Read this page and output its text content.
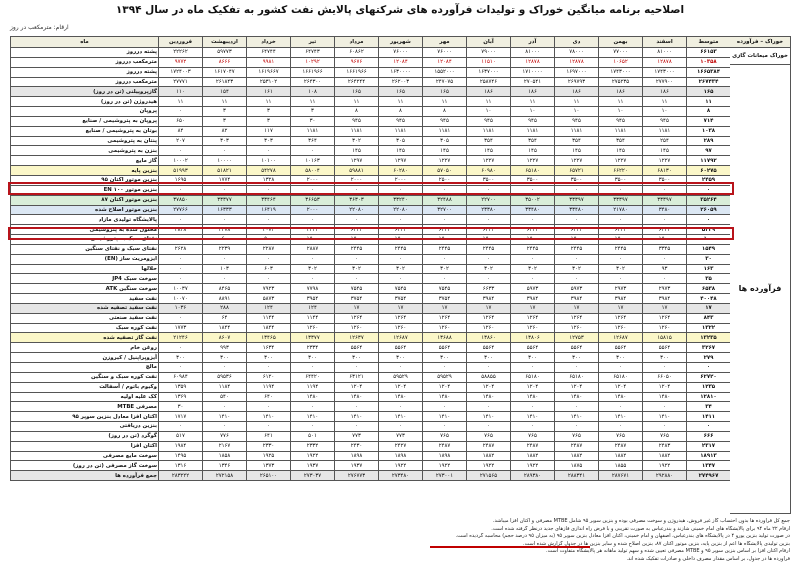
اصلاحیه برنامه میانگین خوراک و تولیدات فرآورده های شرکتهای پالایش نفت کشور به تفکیک ماه در سال ۱۳۹۴
ارقام: مترمکعب در روز
متوسط	اسفند	بهمن	دی	آذر	آبان	مهر	شهریور	مرداد	تیر	خرداد	اردیبهشت	فروردین	ماه
۶۶۱۵۳	۸۱۰۰۰	۷۷۰۰۰	۷۸۰۰۰	۸۱۰۰۰	۷۹۰۰۰	۷۶۰۰۰	۷۶۰۰۰	۶۰۸۶۲	۶۴۷۴۳	۶۴۷۴۴	۵۹۷۷۳	۲۲۲۶۲	پشته درروز
۱۰۳۵۸	۱۲۸۷۸	۱۰۶۵۲	۱۲۸۷۸	۱۲۸۷۸	۱۱۵۱۰	۱۲۰۸۴	۱۲۰۸۴	۹۶۷۶	۱۰۲۹۲	۹۹۸۱	۸۶۶۶	۹۷۷۲	مترمکعب درروز
۱۶۶۵۳۸۴	۱۷۴۳۰۰۰	۱۷۴۳۰۰۰	۱۶۹۷۰۰۰	۱۷۱۰۰۰۰	۱۶۳۷۰۰۰	۱۵۵۲۰۰۰	۱۶۳۰۰۰۰	۱۶۶۱۹۶۶	۱۶۶۱۹۶۶	۱۶۱۹۶۶۷	۱۶۱۷۰۴۷	۱۷۲۴۰۰۳	پشته درروز
۲۶۷۴۳۴	۲۷۷۹۰۰	۲۷۵۲۳۵	۲۶۹۷۹۳	۲۷۰۵۴۱	۲۵۸۷۴۶	۲۴۷۰۷۵	۲۶۲۰۰۳	۲۶۴۲۴۴	۲۶۴۳۰۰	۲۵۳۱۰۲	۲۶۱۸۴۳	۲۷۷۷۱	مترمکعب درروز
۱۶۵	۱۸۶	۱۸۶	۱۸۶	۱۸۶	۱۸۶	۱۶۵	۱۶۵	۱۶۵	۱۰۸	۱۶۱	۱۵۴	۱۱۰	گازپروپیلنی (تن در روز)
۱۱	۱۱	۱۱	۱۱	۱۱	۱۱	۱۱	۱۱	۱۱	۱۱	۱۱	۱۱	۱۱	هیدروژن (تن در روز)
۸	۱۰	۱۰	۱۰	۱۰	۱۰	۸	۸	۸	۳	۳	۳	۰	پروپان
۷۱۴	۹۴۵	۹۴۵	۹۴۵	۹۴۵	۹۴۵	۹۴۵	۹۴۵	۹۴۵	۳۰	۳	۳	۶۵۰	پروپان به پتروشیمی / صنایع
۱۰۳۸	۱۱۸۱	۱۱۸۱	۱۱۸۱	۱۱۸۱	۱۱۸۱	۱۱۸۱	۱۱۸۱	۱۱۸۱	۱۱۸۱	۱۱۷	۸۲	۸۴	بوتان به پتروشیمی / صنایع
۲۸۹	۲۵۴	۳۵۴	۳۵۴	۳۵۴	۳۵۴	۳۰۵	۳۰۵	۳۰۲	۳۶۴	۳۰۳	۳۰۳	۲۰۷	پنتان به پتروشیمی
۹۷	۱۴۵	۱۴۵	۱۴۵	۱۴۵	۱۴۵	۱۴۵	۱۴۵	۱۴۵	۰	۰	۰	۰	بنزن به پتروشیمی
۱۱۷۹۲	۱۲۲۷	۱۲۲۷	۱۲۲۷	۱۲۲۷	۱۲۲۷	۱۲۲۷	۱۲۹۷	۱۲۹۷	۱۰۱۶۳	۱۰۱۰۰	۱۰۰۰۰	۱۰۰۰۲	گاز مایع
۶۰۲۷۵	۶۸۱۳۰	۶۶۲۲۰	۶۵۷۲۱	۶۵۱۸۰	۶۰۹۸۰	۵۷۰۵۰	۶۰۲۸۰	۵۹۸۸۱	۵۸۰۰۴	۵۴۲۷۸	۵۱۸۲۱	۵۱۹۹۳	بنزین پایه
۲۴۵۹	۳۵۰۰	۳۵۰۰	۳۵۰۰	۳۵۰۰	۳۵۰۰	۲۵۰۰	۲۰۰۰	۲۰۰۰	۲۰۰۰	۱۳۲۸	۱۷۷۴	۱۶۹۵	بنزین موتور اکتان ۹۵
۰	۰	۰	۰	۰	۰	۰	۰	۰	۰	۰	۰	۰	بنزین موتور EN ۱۰۰
۳۵۲۶۴	۳۳۳۹۷	۳۳۳۹۷	۳۳۳۹۷	۳۵۰۰۲	۲۲۷۰۰	۳۲۴۸۸	۳۳۲۴۰	۳۶۳۰۳	۳۶۶۵۳	۳۳۴۶۴	۳۳۳۷۷	۳۷۸۵۰	بنزین موتور اکتان ۸۷
۲۶۰۵۹	۳۴۸۰	۲۱۷۸۰	۳۳۴۸۰	۳۳۴۸۰	۲۳۳۸۰	۳۲۷۰۰	۲۲۰۸۰	۲۲۰۸۰	۲۰۰۰	۱۶۴۱۹	۱۶۳۳۳	۲۷۷۶۶	بنزین موتور اصلاح شده
۰	۰	۰	۰	۰	۰	۰	۰	۰	۰	۰	۰	۰	پالایشگاه تولیدی مازاد
۵۲۲۹	۶۴۴۴	۶۴۴۴	۶۴۴۴	۶۴۴۴	۶۴۴۴	۶۴۴۴	۶۴۴۴	۶۴۴۴	۳۳۳۳	۳۰۷۲	۳۳۷۸	۲۸۲۸	محلول شده به پتروشیمی
۱۰۰	۱۵۰۰	۱۵۰۰	۱۵۰۰	۱۵۰۰	۱۵۰۰	۱۵۰۰	۱۵۰۰	۱۵۰۰	۱۵۰۰	۵۰۰	۶۰	۰	نفتای سبک به پتروشیمی
۱۵۴۹	۳۳۴۵	۲۴۴۵	۲۴۴۵	۲۴۴۵	۲۴۴۵	۲۴۴۵	۲۴۴۵	۲۴۴۵	۲۸۸۷	۲۲۸۷	۲۲۳۹	۲۶۲۸	نفتای سبک و نفتای سنگین
۳۰	۰	۰	۰	۰	۰	۰	۰	۰	۰	۰	۰	۰	ایزومریت ساز (EN)
۱۶۳	۹۳	۳۰۲	۳۰۲	۳۰۲	۳۰۲	۳۰۲	۳۰۲	۳۰۲	۳۰۲	۶۰۳	۱۰۳	۰	حلالها
۳۵	۰	۰	۰	۰	۰	۰	۰	۰	۰	۰	۰	۰	سوخت سبک JP4
۶۵۳۸	۲۹۷۳	۲۹۷۳	۵۹۷۳	۵۹۷۳	۶۶۳۳	۷۵۴۵	۷۵۴۵	۷۵۴۵	۷۷۹۸	۷۹۲۳	۸۴۶۵	۱۰۰۳۷	سوخت سنگین ATK
۴۰۰۴۸	۳۹۸۴	۳۹۸۴	۳۹۸۴	۳۹۸۴	۳۹۸۴	۳۷۵۴	۳۷۵۴	۳۷۵۴	۳۹۵۴	۵۸۷۳	۸۸۹۱	۱۰۰۷۰	نفت سفید
۱۷	۱۷	۱۷	۱۷	۱۷	۱۷	۱۷	۱۷	۱۷	۱۲۴	۱۲۴	۲۸۸	۱۰۳۶	نفت سفید تصفیه شده
۸۴۳	۱۲۶۴	۱۲۶۴	۱۲۶۴	۱۲۶۴	۱۲۶۴	۱۲۶۴	۱۲۶۴	۱۲۶۴	۱۱۴۴	۱۱۴۴	۶۴	۰	نفت سفید صنعتی
۱۳۲۲	۱۲۶۰	۱۲۶۰	۱۲۶۰	۱۲۶۰	۱۲۶۰	۱۲۶۰	۱۲۶۰	۱۲۶۰	۱۲۶۰	۱۸۴۴	۱۸۴۴	۱۷۷۳	نفت کوره سبک
۱۳۲۳۵	۱۵۸۱۵	۱۲۶۸۷	۱۲۷۵۳	۱۳۸۰۶	۱۳۸۶۰	۱۳۶۸۸	۱۲۶۸۷	۱۲۶۳۷	۱۳۳۷۷	۱۳۴۶۵	۸۶۰۷	۲۱۲۴۶	نفت گاز تصفیه شده
۳۲۶۷	۵۵۶۴	۵۵۶۴	۵۵۶۴	۵۵۶۴	۵۵۶۴	۵۵۶۴	۵۵۶۴	۵۵۶۴	۲۳۳۴	۱۶۳۴	۹۹۳	۰	روغن خام
۲۷۹	۳۰۰	۳۰۰	۳۰۰	۳۰۰	۳۰۰	۳۰۰	۳۰۰	۳۰۰	۳۰۰	۳۰۰	۳۰۰	۳۰۰	آیزوپراپنیل / کیروزن
۰	۰	۰	۰	۰	۰	۰	۰	۰	۰	۰	۰	۰	مالچ
۶۲۷۲۰	۶۶۰۵۰	۶۵۱۸۰	۶۵۱۸۰	۶۵۱۸۰	۵۸۸۵۵	۵۹۵۲۹	۵۹۵۲۹	۶۳۱۲۱	۶۴۴۲۰	۶۱۲۰	۵۹۵۳۶	۶۰۹۸۴	نفت کوره سبک و سنگین
۱۲۳۵	۱۲۰۴	۱۲۰۴	۱۲۰۴	۱۲۰۴	۱۲۰۴	۱۲۰۴	۱۲۰۴	۱۲۰۴	۱۱۹۴	۱۱۹۴	۱۱۸۴	۱۳۵۹	وکیوم باتوم / آسفالت
۱۲۸۱۰	۱۴۸۰	۱۴۸۰	۱۴۸۰	۱۴۸۰	۱۴۸۰	۱۴۸۰	۱۴۸۰	۱۴۸۰	۱۴۸۰	۶۴۰	۵۴۰	۱۳۶۹	کک علیه اولیه
۳۴	۰	۰	۰	۰	۰	۰	۰	۰	۰	۰	۰	۳۰	مصرفی MTBE
۱۴۱۱	۱۴۱۰	۱۴۱۰	۱۴۱۰	۱۴۱۰	۱۴۱۰	۱۴۱۰	۱۴۱۰	۱۴۱۰	۱۴۱۰	۱۴۱۰	۱۴۱۰	۱۷۱۷	اکتان افزا معادل بنزین سوپر ۹۵
۰	۰	۰	۰	۰	۰	۰	۰	۰	۰	۰	۰	۰	بنزین دریافتی
۶۶۶	۷۶۵	۷۶۵	۷۶۵	۷۶۵	۷۶۵	۷۶۵	۷۷۳	۷۷۳	۵۰۱	۶۴۱	۷۷۶	۵۱۷	گوگرد (تن در روز)
۲۳۱۷	۲۴۸۳	۲۴۸۷	۲۴۸۷	۲۴۸۷	۲۴۸۷	۲۴۸۷	۲۴۲۷	۲۴۳۰	۲۳۳۲	۲۳۳۰	۲۱۶۷	۱۹۸۴	اکتان افزا
۱۸۹۱۳	۱۸۸۲	۱۸۸۲	۱۸۸۲	۱۸۸۲	۱۸۸۲	۱۸۹۸	۱۸۹۸	۱۸۹۸	۱۹۲۲	۱۹۲۵	۱۸۵۸	۱۴۹۵	سوخت مایع مصرفی
۱۳۴۷	۱۹۲۲	۱۸۵۵	۱۸۷۵	۱۹۲۲	۱۹۲۲	۱۹۲۲	۱۹۲۲	۱۹۳۷	۱۹۳۷	۱۳۷۳	۱۳۴۶	۱۳۱۶	سوخت گاز مصرفی (تن در روز)
۲۷۴۹۶۷	۲۹۲۸۸۰	۲۸۷۶۷۱	۲۸۸۳۴۱	۲۸۹۳۸۰	۲۷۱۵۶۵	۲۷۳۰۰۱	۲۷۳۴۸۰	۲۷۶۷۷۳	۲۷۳۰۳۷	۲۶۵۱۰۰	۲۷۲۱۵۸	۲۸۳۲۲۲	جمع فرآورده ها
خوراک – فرآورده
خوراک میعانات گازی
فرآورده ها
جمع کل فرآورده ها بدون احتساب گاز غیر فروش، هیدروژن و سوخت مصرفی بوده و بنزین سوپر ۹۵ شامل MTBE مصرفی و اکتان افزا میباشد.
ارقام ۲۲ ماه ۹۴ برای پالایشگاه های امام خمینی شازند و بندرعباس به صورت تقریبی و با فرض راه اندازی فازهای جدید درنظر گرفته شده است.
در صورت تولید بنزین یورو ۴ در پالایشگاه های بندرعباس، اصفهان و امام خمینی، اکتان افزا معادل بنزین سوپر ۹۵ (به میزان ۹۵ درصد حجم) محاسبه گردیده است.
بنزین تولیدی پالایشگاه ها اعم از بنزین پایه، بنزین موتور اکتان ۸۷، بنزین اصلاح شده و سایر بنزین ها در جدول گزارش شده است.
ارقام اکتان افزا بر اساس بنزین سوپر ۹۵ و MTBE مصرفی تعیین شده و سهم تولید ماهانه هر پالایشگاه متفاوت است.
فرآورده ها در جدول، بر اساس مقدار مصرف داخلی و صادرات تفکیک شده اند.
